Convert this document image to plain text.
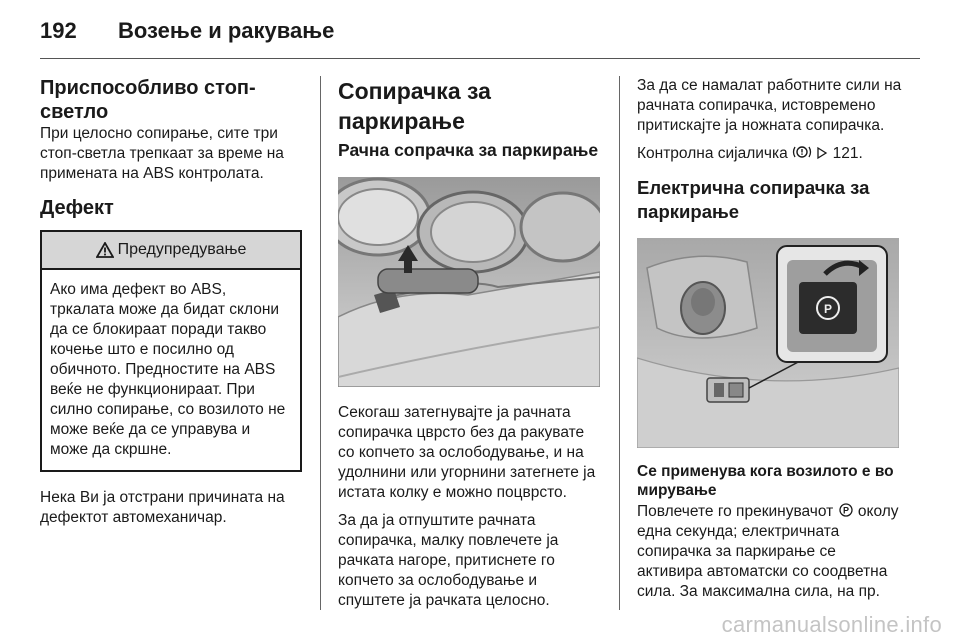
192 Возење и ракување
Приспособливо стоп-светло

При целосно сопирање, сите три стоп-светла трепкаат за време на примената на ABS контролата.

Дефект
Предупредување
Ако има дефект во ABS, тркалата може да бидат склони да се блокираат поради такво кочење што е посилно од обичното. Предностите на ABS веќе не функционираат. При силно сопирање, со возилото не може веќе да се управува и може да скршне.

Нека Ви ја отстрани причината на дефектот автомеханичар.

Сопирачка за паркирање
Рачна сопрачка за паркирање

Секогаш затегнувајте ја рачната сопирачка цврсто без да ракувате со копчето за ослободување, и на удолнини или угорнини затегнете ја истата колку е можно поцврсто.

За да ја отпуштите рачната сопирачка, малку повлечете ја рачката нагоре, притиснете го копчето за ослободување и спуштете ја рачката целосно.

За да се намалат работните сили на рачната сопирачка, истовремено притискајте ја ножната сопирачка.

Контролна сијаличка	121.

Електрична сопирачка за паркирање
P
Се применува кога возилото е во мирување

Повлечете го прекинувачот P околу една секунда; електричната сопирачка за паркирање се активира автоматски со соодветна сила. За максимална сила, на пр.

carmanualsonline.info
